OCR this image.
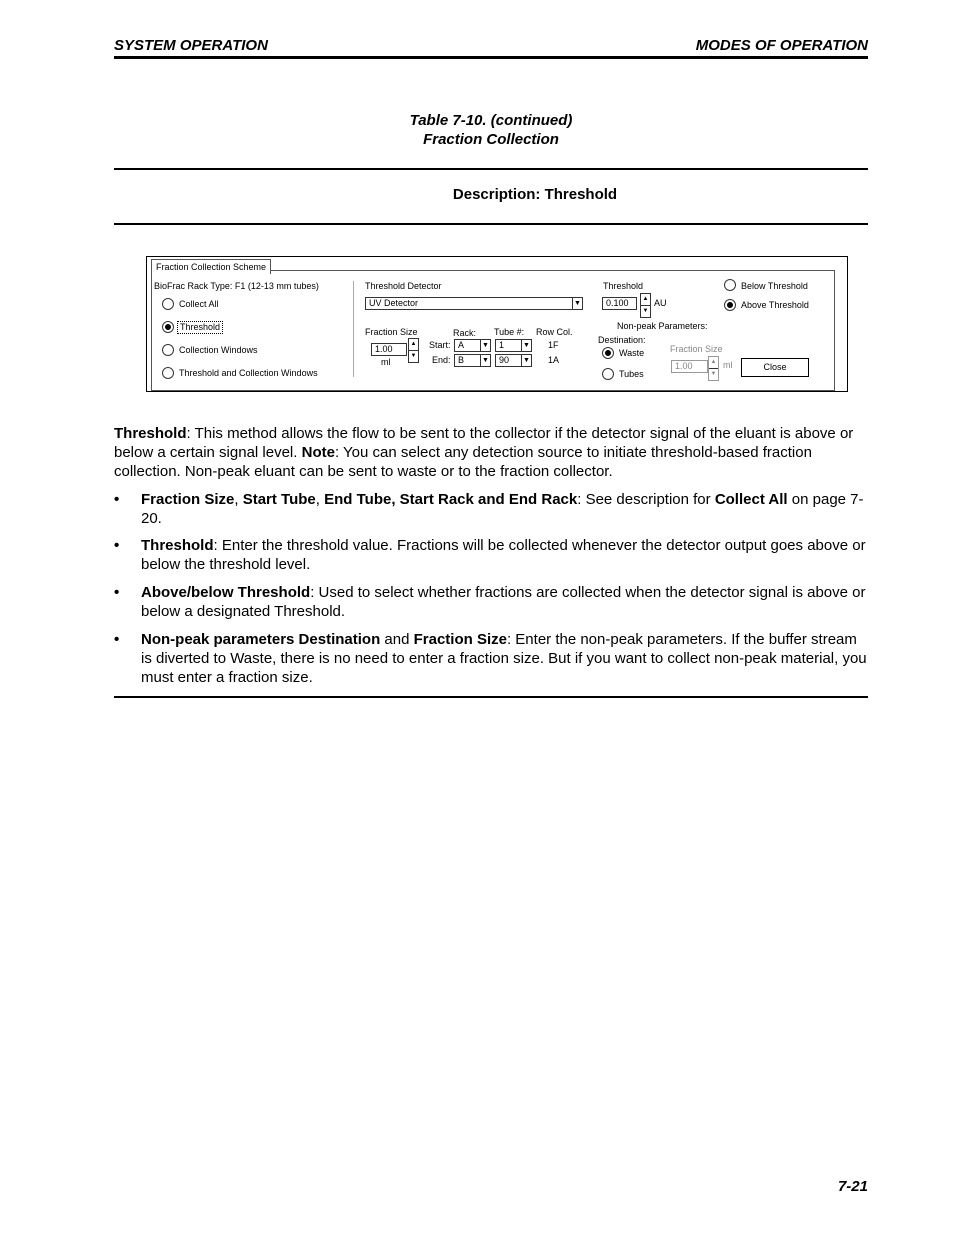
SYSTEM OPERATION	MODES OF OPERATION
Table 7-10. (continued)
Fraction Collection
Description: Threshold
Fraction Collection Scheme
BioFrac Rack Type: F1 (12-13 mm tubes)
Collect All
Threshold
Collection Windows
Threshold and Collection Windows
Threshold Detector
UV Detector	▼
Fraction Size
1.00	▲
▼
ml
Rack: Tube #: Row Col.
Start: A	▼	1	▼ 1F
End: B	▼	90	▼ 1A
Threshold
0.100	▲
▼
AU
Non-peak Parameters:
Destination:
Waste
Tubes
Fraction Size
1.00	▲
▼
ml
Below Threshold
Above Threshold
Close
Threshold: This method allows the flow to be sent to the collector if the detector signal of the eluant is above or below a certain signal level. Note: You can select any detection source to initiate threshold-based fraction collection. Non-peak eluant can be sent to waste or to the fraction collector.
• Fraction Size, Start Tube, End Tube, Start Rack and End Rack: See description for Collect All on page 7-20.
• Threshold: Enter the threshold value. Fractions will be collected whenever the detector output goes above or below the threshold level.
• Above/below Threshold: Used to select whether fractions are collected when the detector signal is above or below a designated Threshold.
• Non-peak parameters Destination and Fraction Size: Enter the non-peak parameters. If the buffer stream is diverted to Waste, there is no need to enter a fraction size. But if you want to collect non-peak material, you must enter a fraction size.
7-21
